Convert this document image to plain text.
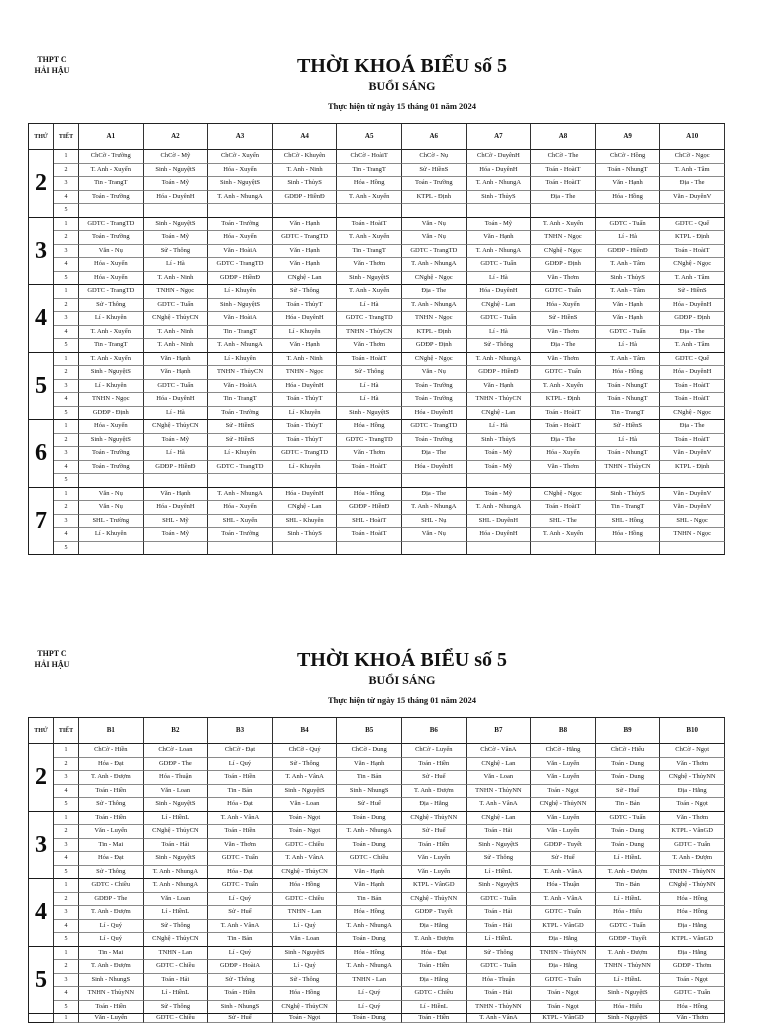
THPT C
HẢI HẬU	THỜI KHOÁ BIỂU số 5
BUỔI SÁNG
Thực hiện từ ngày 15 tháng 01 năm 2024
THỨ	TIẾT	A1	A2	A3	A4	A5	A6	A7	A8	A9	A10
2
1	ChCờ - Trường	ChCờ - Mỹ	ChCờ - Xuyến	ChCờ - Khuyên	ChCờ - HoàiT	ChCờ - Nụ	ChCờ - DuyênH	ChCờ - The	ChCờ - Hồng	ChCờ - Ngọc
2	T. Anh - Xuyến	Sinh - NguyệtS	Hóa - Xuyến	T. Anh - Ninh	Tin - TrangT	Sử - HiềnS	Hóa - DuyênH	Toán - HoàiT	Toán - NhungT	T. Anh - Tâm
3	Tin - TrangT	Toán - Mỹ	Sinh - NguyệtS	Sinh - ThủyS	Hóa - Hồng	Toán - Trường	T. Anh - NhungA	Toán - HoàiT	Văn - Hạnh	Địa - The
4	Toán - Trường	Hóa - DuyênH	T. Anh - NhungA	GDĐP - HiềnĐ	T. Anh - Xuyến	KTPL - Định	Sinh - ThủyS	Địa - The	Hóa - Hồng	Văn - DuyênV
5
3
1	GDTC - TrangTD	Sinh - NguyệtS	Toán - Trường	Văn - Hạnh	Toán - HoàiT	Văn - Nụ	Toán - Mỹ	T. Anh - Xuyến	GDTC - Tuấn	GDTC - Quế
2	Toán - Trường	Toán - Mỹ	Hóa - Xuyến	GDTC - TrangTD	T. Anh - Xuyến	Văn - Nụ	Văn - Hạnh	TNHN - Ngọc	Lí - Hà	KTPL - Định
3	Văn - Nụ	Sử - Thông	Văn - HoàiA	Văn - Hạnh	Tin - TrangT	GDTC - TrangTD	T. Anh - NhungA	CNghệ - Ngọc	GDĐP - HiềnĐ	Toán - HoàiT
4	Hóa - Xuyến	Lí - Hà	GDTC - TrangTD	Văn - Hạnh	Văn - Thơm	T. Anh - NhungA	GDTC - Tuấn	GDĐP - Định	T. Anh - Tâm	CNghệ - Ngọc
5	Hóa - Xuyến	T. Anh - Ninh	GDĐP - HiềnĐ	CNghệ - Lan	Sinh - NguyệtS	CNghệ - Ngọc	Lí - Hà	Văn - Thơm	Sinh - ThủyS	T. Anh - Tâm
4
1	GDTC - TrangTD	TNHN - Ngọc	Lí - Khuyên	Sử - Thông	T. Anh - Xuyến	Địa - The	Hóa - DuyênH	GDTC - Tuấn	T. Anh - Tâm	Sử - HiềnS
2	Sử - Thông	GDTC - Tuấn	Sinh - NguyệtS	Toán - ThủyT	Lí - Hà	T. Anh - NhungA	CNghệ - Lan	Hóa - Xuyến	Văn - Hạnh	Hóa - DuyênH
3	Lí - Khuyên	CNghệ - ThủyCN	Văn - HoàiA	Hóa - DuyênH	GDTC - TrangTD	TNHN - Ngọc	GDTC - Tuấn	Sử - HiềnS	Văn - Hạnh	GDĐP - Định
4	T. Anh - Xuyến	T. Anh - Ninh	Tin - TrangT	Lí - Khuyên	TNHN - ThủyCN	KTPL - Định	Lí - Hà	Văn - Thơm	GDTC - Tuấn	Địa - The
5	Tin - TrangT	T. Anh - Ninh	T. Anh - NhungA	Văn - Hạnh	Văn - Thơm	GDĐP - Định	Sử - Thông	Địa - The	Lí - Hà	T. Anh - Tâm
5
1	T. Anh - Xuyến	Văn - Hạnh	Lí - Khuyên	T. Anh - Ninh	Toán - HoàiT	CNghệ - Ngọc	T. Anh - NhungA	Văn - Thơm	T. Anh - Tâm	GDTC - Quế
2	Sinh - NguyệtS	Văn - Hạnh	TNHN - ThủyCN	TNHN - Ngọc	Sử - Thông	Văn - Nụ	GDĐP - HiềnĐ	GDTC - Tuấn	Hóa - Hồng	Hóa - DuyênH
3	Lí - Khuyên	GDTC - Tuấn	Văn - HoàiA	Hóa - DuyênH	Lí - Hà	Toán - Trường	Văn - Hạnh	T. Anh - Xuyến	Toán - NhungT	Toán - HoàiT
4	TNHN - Ngọc	Hóa - DuyênH	Tin - TrangT	Toán - ThủyT	Lí - Hà	Toán - Trường	TNHN - ThủyCN	KTPL - Định	Toán - NhungT	Toán - HoàiT
5	GDĐP - Định	Lí - Hà	Toán - Trường	Lí - Khuyên	Sinh - NguyệtS	Hóa - DuyênH	CNghệ - Lan	Toán - HoàiT	Tin - TrangT	CNghệ - Ngọc
6
1	Hóa - Xuyến	CNghệ - ThủyCN	Sử - HiềnS	Toán - ThủyT	Hóa - Hồng	GDTC - TrangTD	Lí - Hà	Toán - HoàiT	Sử - HiềnS	Địa - The
2	Sinh - NguyệtS	Toán - Mỹ	Sử - HiềnS	Toán - ThủyT	GDTC - TrangTD	Toán - Trường	Sinh - ThủyS	Địa - The	Lí - Hà	Toán - HoàiT
3	Toán - Trường	Lí - Hà	Lí - Khuyên	GDTC - TrangTD	Văn - Thơm	Địa - The	Toán - Mỹ	Hóa - Xuyến	Toán - NhungT	Văn - DuyênV
4	Toán - Trường	GDĐP - HiềnĐ	GDTC - TrangTD	Lí - Khuyên	Toán - HoàiT	Hóa - DuyênH	Toán - Mỹ	Văn - Thơm	TNHN - ThủyCN	KTPL - Định
5
7
1	Văn - Nụ	Văn - Hạnh	T. Anh - NhungA	Hóa - DuyênH	Hóa - Hồng	Địa - The	Toán - Mỹ	CNghệ - Ngọc	Sinh - ThủyS	Văn - DuyênV
2	Văn - Nụ	Hóa - DuyênH	Hóa - Xuyến	CNghệ - Lan	GDĐP - HiềnĐ	T. Anh - NhungA	T. Anh - NhungA	Toán - HoàiT	Tin - TrangT	Văn - DuyênV
3	SHL - Trường	SHL - Mỹ	SHL - Xuyến	SHL - Khuyên	SHL - HoàiT	SHL - Nụ	SHL - DuyênH	SHL - The	SHL - Hồng	SHL - Ngọc
4	Lí - Khuyên	Toán - Mỹ	Toán - Trường	Sinh - ThủyS	Toán - HoàiT	Văn - Nụ	Hóa - DuyênH	T. Anh - Xuyến	Hóa - Hồng	TNHN - Ngọc
5
THPT C
HẢI HẬU	THỜI KHOÁ BIỂU số 5
BUỔI SÁNG
Thực hiện từ ngày 15 tháng 01 năm 2024
THỨ	TIẾT	B1	B2	B3	B4	B5	B6	B7	B8	B9	B10
2
1	ChCờ - Hiền	ChCờ - Loan	ChCờ - Đạt	ChCờ - Quý	ChCờ - Dung	ChCờ - Luyến	ChCờ - VânA	ChCờ - Hằng	ChCờ - Hiếu	ChCờ - Ngọt
2	Hóa - Đạt	GDĐP - The	Lí - Quý	Sử - Thông	Văn - Hạnh	Toán - Hiền	CNghệ - Lan	Văn - Luyến	Toán - Dung	Văn - Thơm
3	T. Anh - Đượm	Hóa - Thuận	Toán - Hiền	T. Anh - VânA	Tin - Bản	Sử - Huế	Văn - Loan	Văn - Luyến	Toán - Dung	CNghệ - ThủyNN
4	Toán - Hiền	Văn - Loan	Tin - Bản	Sinh - NguyệtS	Sinh - NhungS	T. Anh - Đượm	TNHN - ThủyNN	Toán - Ngọt	Sử - Huế	Địa - Hằng
5	Sử - Thông	Sinh - NguyệtS	Hóa - Đạt	Văn - Loan	Sử - Huế	Địa - Hằng	T. Anh - VânA	CNghệ - ThủyNN	Tin - Bản	Toán - Ngọt
3
1	Toán - Hiền	Lí - HiềnL	T. Anh - VânA	Toán - Ngọt	Toán - Dung	CNghệ - ThủyNN	CNghệ - Lan	Văn - Luyến	GDTC - Tuấn	Văn - Thơm
2	Văn - Luyến	CNghệ - ThủyCN	Toán - Hiền	Toán - Ngọt	T. Anh - NhungA	Sử - Huế	Toán - Hải	Văn - Luyến	Toán - Dung	KTPL - VânGD
3	Tin - Mai	Toán - Hải	Văn - Thơm	GDTC - Chiều	Toán - Dung	Toán - Hiền	Sinh - NguyệtS	GDĐP - Tuyết	Toán - Dung	GDTC - Tuấn
4	Hóa - Đạt	Sinh - NguyệtS	GDTC - Tuấn	T. Anh - VânA	GDTC - Chiều	Văn - Luyến	Sử - Thông	Sử - Huế	Lí - HiềnL	T. Anh - Đượm
5	Sử - Thông	T. Anh - NhungA	Hóa - Đạt	CNghệ - ThủyCN	Văn - Hạnh	Văn - Luyến	Lí - HiềnL	T. Anh - VânA	T. Anh - Đượm	TNHN - ThủyNN
4
1	GDTC - Chiều	T. Anh - NhungA	GDTC - Tuấn	Hóa - Hồng	Văn - Hạnh	KTPL - VânGD	Sinh - NguyệtS	Hóa - Thuận	Tin - Bản	CNghệ - ThủyNN
2	GDĐP - The	Văn - Loan	Lí - Quý	GDTC - Chiều	Tin - Bản	CNghệ - ThủyNN	GDTC - Tuấn	T. Anh - VânA	Lí - HiềnL	Hóa - Hồng
3	T. Anh - Đượm	Lí - HiềnL	Sử - Huế	TNHN - Lan	Hóa - Hồng	GDĐP - Tuyết	Toán - Hải	GDTC - Tuấn	Hóa - Hiếu	Hóa - Hồng
4	Lí - Quý	Sử - Thông	T. Anh - VânA	Lí - Quý	T. Anh - NhungA	Địa - Hằng	Toán - Hải	KTPL - VânGD	GDTC - Tuấn	Địa - Hằng
5	Lí - Quý	CNghệ - ThủyCN	Tin - Bản	Văn - Loan	Toán - Dung	T. Anh - Đượm	Lí - HiềnL	Địa - Hằng	GDĐP - Tuyết	KTPL - VânGD
5
1	Tin - Mai	TNHN - Lan	Lí - Quý	Sinh - NguyệtS	Hóa - Hồng	Hóa - Đạt	Sử - Thông	TNHN - ThủyNN	T. Anh - Đượm	Địa - Hằng
2	T. Anh - Đượm	GDTC - Chiều	GDĐP - HoàiA	Lí - Quý	T. Anh - NhungA	Toán - Hiền	GDTC - Tuấn	Địa - Hằng	TNHN - ThủyNN	GDĐP - Thơm
3	Sinh - NhungS	Toán - Hải	Sử - Thông	Sử - Thông	TNHN - Lan	Địa - Hằng	Hóa - Thuận	GDTC - Tuấn	Lí - HiềnL	Toán - Ngọt
4	TNHN - ThủyNN	Lí - HiềnL	Toán - Hiền	Hóa - Hồng	Lí - Quý	GDTC - Chiều	Toán - Hải	Toán - Ngọt	Sinh - NguyệtS	GDTC - Tuấn
5	Toán - Hiền	Sử - Thông	Sinh - NhungS	CNghệ - ThủyCN	Lí - Quý	Lí - HiềnL	TNHN - ThủyNN	Toán - Ngọt	Hóa - Hiếu	Hóa - Hồng
1	Văn - Luyến	GDTC - Chiều	Sử - Huế	Toán - Ngọt	Toán - Dung	Toán - Hiền	T. Anh - VânA	KTPL - VânGD	Sinh - NguyệtS	Văn - Thơm
